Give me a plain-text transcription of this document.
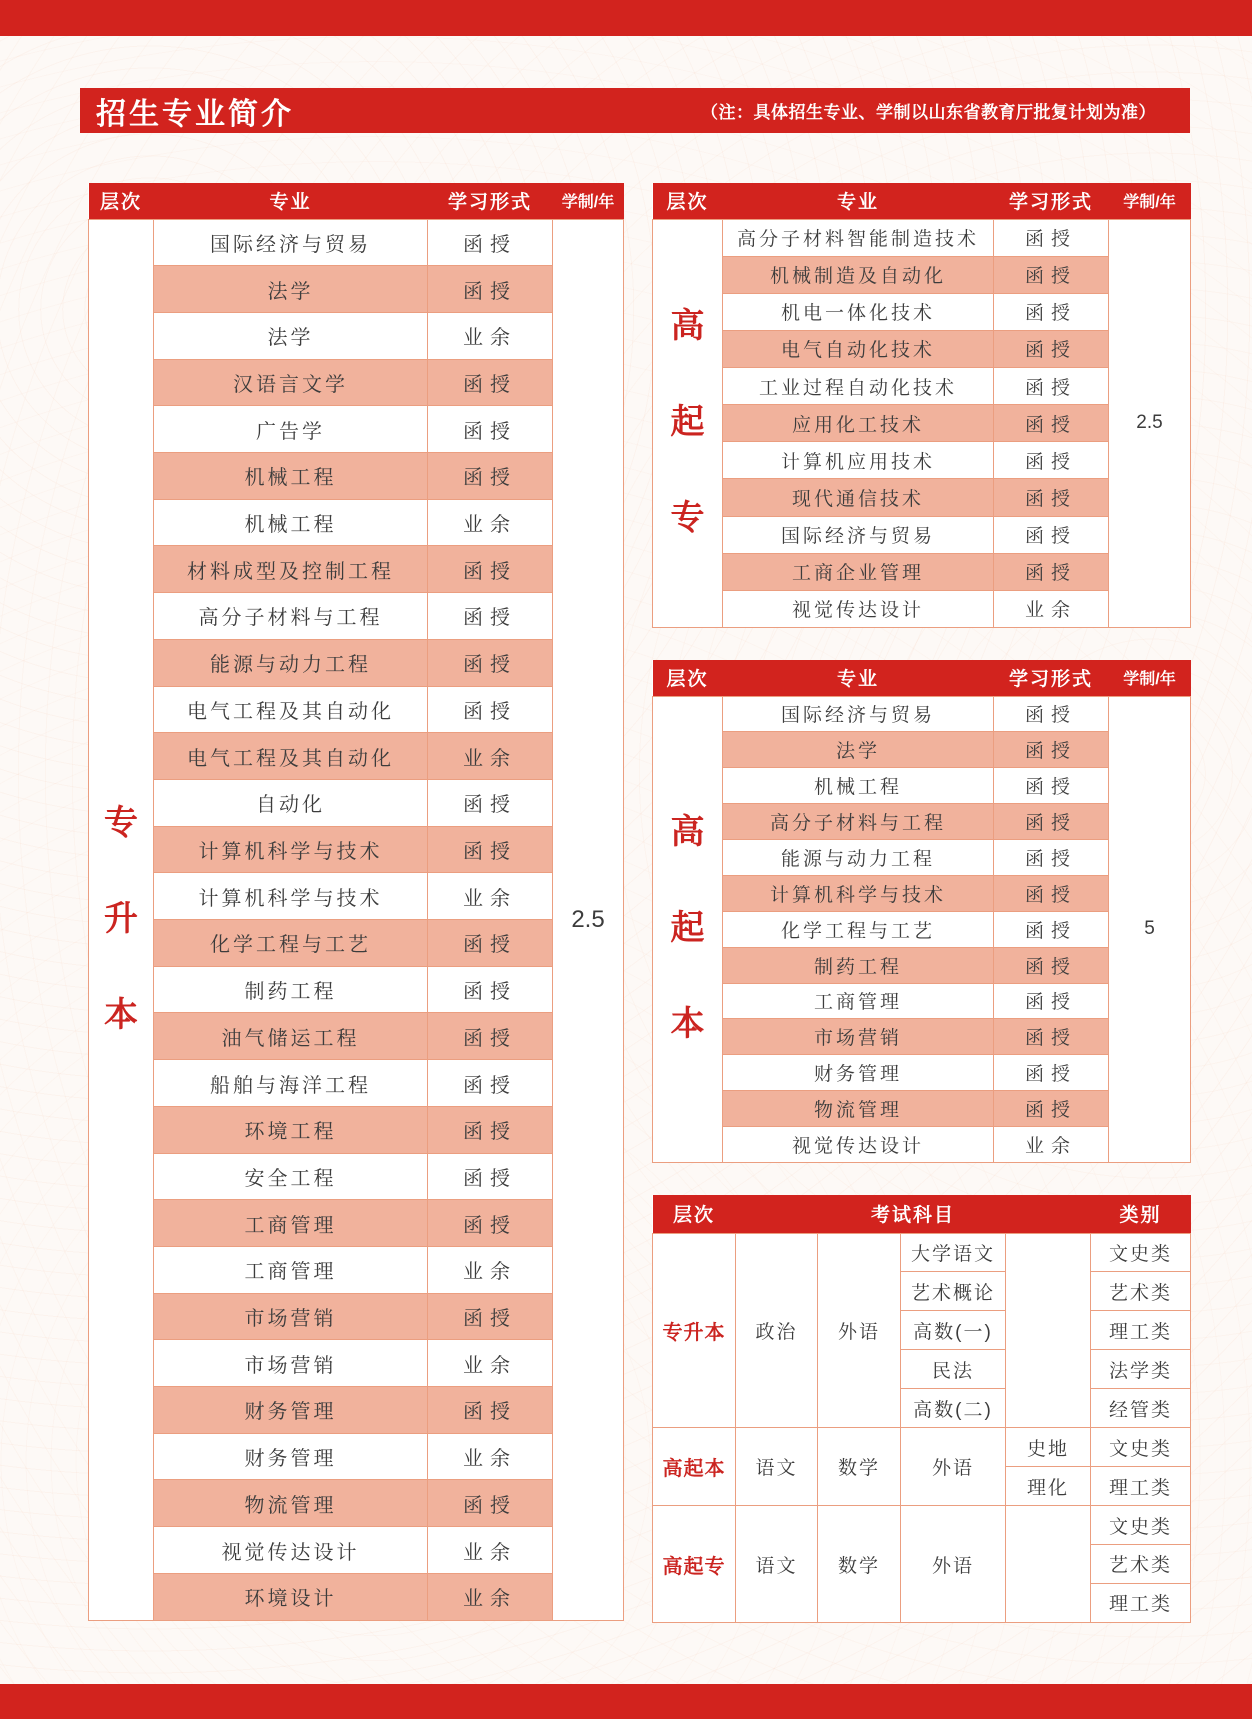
招生专业简介	（注：具体招生专业、学制以山东省教育厅批复计划为准）
层次	专业	学习形式	学制/年

专
升
本	国际经济与贸易	函授	2.5
	法学	函授	
	法学	业余	
	汉语言文学	函授	
	广告学	函授	
	机械工程	函授	
	机械工程	业余	
	材料成型及控制工程	函授	
	高分子材料与工程	函授	
	能源与动力工程	函授	
	电气工程及其自动化	函授	
	电气工程及其自动化	业余	
	自动化	函授	
	计算机科学与技术	函授	
	计算机科学与技术	业余	
	化学工程与工艺	函授	
	制药工程	函授	
	油气储运工程	函授	
	船舶与海洋工程	函授	
	环境工程	函授	
	安全工程	函授	
	工商管理	函授	
	工商管理	业余	
	市场营销	函授	
	市场营销	业余	
	财务管理	函授	
	财务管理	业余	
	物流管理	函授	
	视觉传达设计	业余	
	环境设计	业余	
层次	专业	学习形式	学制/年

高
起
专	高分子材料智能制造技术	函授	2.5
	机械制造及自动化	函授	
	机电一体化技术	函授	
	电气自动化技术	函授	
	工业过程自动化技术	函授	
	应用化工技术	函授	
	计算机应用技术	函授	
	现代通信技术	函授	
	国际经济与贸易	函授	
	工商企业管理	函授	
	视觉传达设计	业余	
层次	专业	学习形式	学制/年

高
起
本	国际经济与贸易	函授	5
	法学	函授	
	机械工程	函授	
	高分子材料与工程	函授	
	能源与动力工程	函授	
	计算机科学与技术	函授	
	化学工程与工艺	函授	
	制药工程	函授	
	工商管理	函授	
	市场营销	函授	
	财务管理	函授	
	物流管理	函授	
	视觉传达设计	业余	
层次	考试科目				类别
专升本	政治	外语	大学语文		文史类
			艺术概论		艺术类
			高数(一)		理工类
			民法		法学类
			高数(二)		经管类
高起本	语文	数学	外语	史地	文史类
				理化	理工类
高起专	语文	数学	外语		文史类
					艺术类
					理工类
